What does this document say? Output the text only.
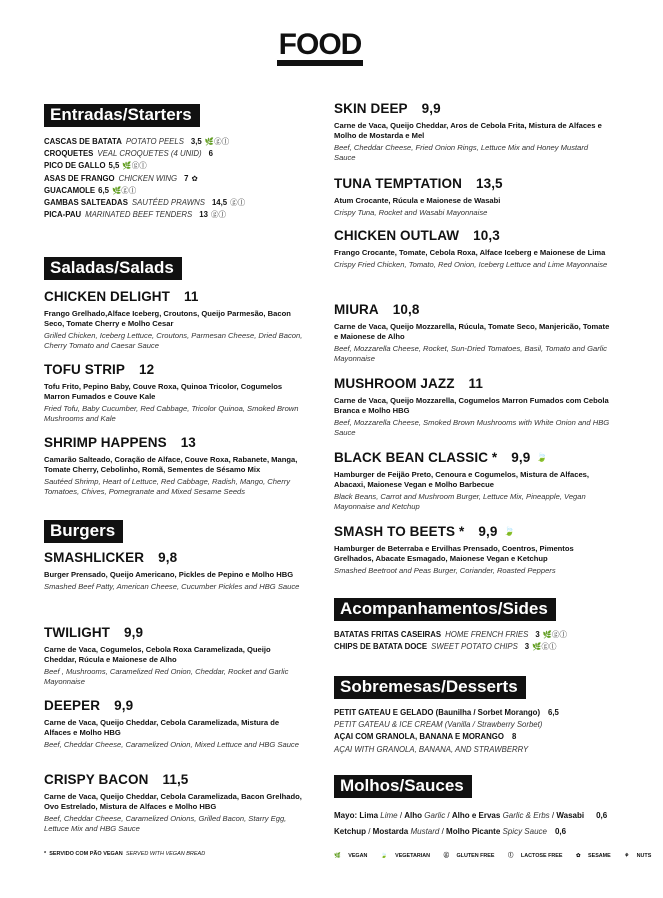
FOOD
Entradas/Starters
CASCAS DE BATATA POTATO PEELS 3,5 🌿ⓖⓛ
CROQUETES VEAL CROQUETES (4 UNID) 6
PICO DE GALLO 5,5 🌿ⓖⓛ
ASAS DE FRANGO CHICKEN WING 7 ✿
GUACAMOLE 6,5 🌿ⓖⓛ
GAMBAS SALTEADAS SAUTÉED PRAWNS 14,5 ⓖⓛ
PICA-PAU MARINATED BEEF TENDERS 13 ⓖⓛ
Saladas/Salads
CHICKEN DELIGHT 11
Frango Grelhado,Alface Iceberg, Croutons, Queijo Parmesão, Bacon Seco, Tomate Cherry e Molho Cesar
Grilled Chicken, Iceberg Lettuce, Croutons, Parmesan Cheese, Dried Bacon, Cherry Tomato and Caesar Sauce
TOFU STRIP 12
Tofu Frito, Pepino Baby, Couve Roxa, Quinoa Tricolor, Cogumelos Marron Fumados e Couve Kale
Fried Tofu, Baby Cucumber, Red Cabbage, Tricolor Quinoa, Smoked Brown Mushrooms and Kale
SHRIMP HAPPENS 13
Camarão Salteado, Coração de Alface, Couve Roxa, Rabanete, Manga, Tomate Cherry, Cebolinho, Romã, Sementes de Sésamo Mix
Sautéed Shrimp, Heart of Lettuce, Red Cabbage, Radish, Mango, Cherry Tomatoes, Chives, Pomegranate and Mixed Sesame Seeds
Burgers
SMASHLICKER 9,8
Burger Prensado, Queijo Americano, Pickles de Pepino e Molho HBG
Smashed Beef Patty, American Cheese, Cucumber Pickles and HBG Sauce
TWILIGHT 9,9
Carne de Vaca, Cogumelos, Cebola Roxa Caramelizada, Queijo Cheddar, Rúcula e Maionese de Alho
Beef , Mushrooms, Caramelized Red Onion, Cheddar, Rocket and Garlic Mayonnaise
DEEPER 9,9
Carne de Vaca, Queijo Cheddar, Cebola Caramelizada, Mistura de Alfaces e Molho HBG
Beef, Cheddar Cheese, Caramelized Onion, Mixed Lettuce and HBG Sauce
CRISPY BACON 11,5
Carne de Vaca, Queijo Cheddar, Cebola Caramelizada, Bacon Grelhado, Ovo Estrelado, Mistura de Alfaces e Molho HBG
Beef, Cheddar Cheese, Caramelized Onions, Grilled Bacon, Starry Egg, Lettuce Mix and HBG Sauce
* SERVIDO COM PÃO VEGAN SERVED WITH VEGAN BREAD
SKIN DEEP 9,9
Carne de Vaca, Queijo Cheddar, Aros de Cebola Frita, Mistura de Alfaces e Molho de Mostarda e Mel
Beef, Cheddar Cheese, Fried Onion Rings, Lettuce Mix and Honey Mustard Sauce
TUNA TEMPTATION 13,5
Atum Crocante, Rúcula e Maionese de Wasabi
Crispy Tuna, Rocket and Wasabi Mayonnaise
CHICKEN OUTLAW 10,3
Frango Crocante, Tomate, Cebola Roxa, Alface Iceberg e Maionese de Lima
Crispy Fried Chicken, Tomato, Red Onion, Iceberg Lettuce and Lime Mayonnaise
MIURA 10,8
Carne de Vaca, Queijo Mozzarella, Rúcula, Tomate Seco, Manjericão, Tomate e Maionese de Alho
Beef, Mozzarella Cheese, Rocket, Sun-Dried Tomatoes, Basil, Tomato and Garlic Mayonnaise
MUSHROOM JAZZ 11
Carne de Vaca, Queijo Mozzarella, Cogumelos Marron Fumados com Cebola Branca e Molho HBG
Beef, Mozzarella Cheese, Smoked Brown Mushrooms with White Onion and HBG Sauce
BLACK BEAN CLASSIC * 9,9 🍃
Hamburger de Feijão Preto, Cenoura e Cogumelos, Mistura de Alfaces, Abacaxi, Maionese Vegan e Molho Barbecue
Black Beans, Carrot and Mushroom Burger, Lettuce Mix, Pineapple, Vegan Mayonnaise and Ketchup
SMASH TO BEETS * 9,9 🍃
Hamburger de Beterraba e Ervilhas Prensado, Coentros, Pimentos Grelhados, Abacate Esmagado, Maionese Vegan e Ketchup
Smashed Beetroot and Peas Burger, Coriander, Roasted Peppers
Acompanhamentos/Sides
BATATAS FRITAS CASEIRAS HOME FRENCH FRIES 3 🌿ⓖⓛ
CHIPS DE BATATA DOCE SWEET POTATO CHIPS 3 🌿ⓖⓛ
Sobremesas/Desserts
PETIT GATEAU E GELADO (Baunilha / Sorbet Morango) 6,5
PETIT GATEAU & ICE CREAM (Vanilla / Strawberry Sorbet)
AÇAI COM GRANOLA, BANANA E MORANGO 8
AÇAI WITH GRANOLA, BANANA, AND STRAWBERRY
Molhos/Sauces
Mayo: Lima Lime / Alho Garlic / Alho e Ervas Garlic & Erbs / Wasabi 0,6
Ketchup / Mostarda Mustard / Molho Picante Spicy Sauce 0,6
🌿 VEGAN	🍃 VEGETARIAN	ⓖ GLUTEN FREE	ⓛ LACTOSE FREE	✿ SESAME	⚘ NUTS
